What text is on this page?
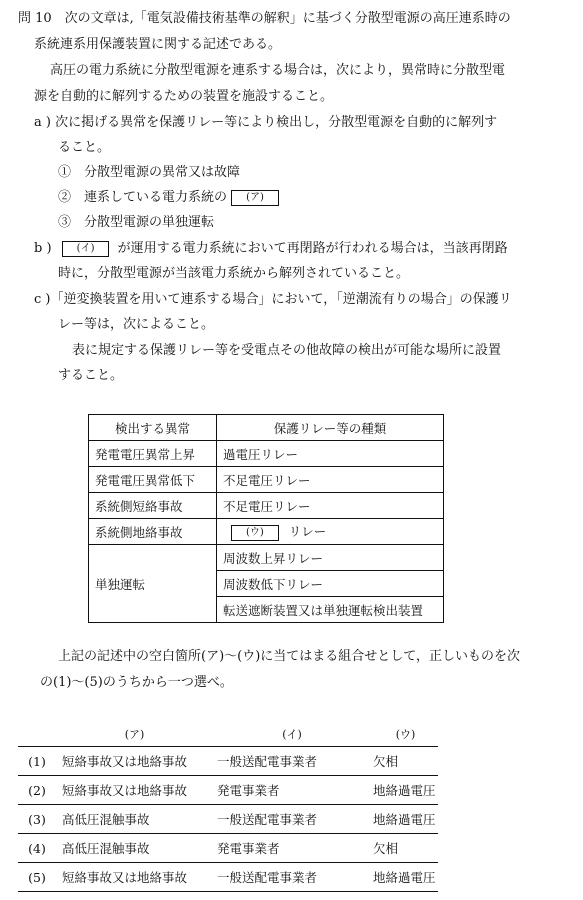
問 10　次の文章は,「電気設備技術基準の解釈」に基づく分散型電源の高圧連系時の
系統連系用保護装置に関する記述である。
高圧の電力系統に分散型電源を連系する場合は，次により，異常時に分散型電
源を自動的に解列するための装置を施設すること。
a ) 次に掲げる異常を保護リレー等により検出し，分散型電源を自動的に解列す
ること。
①　分散型電源の異常又は故障
②　連系している電力系統の (ア)
③　分散型電源の単独運転
b )	(イ) が運用する電力系統において再閉路が行われる場合は，当該再閉路
時に，分散型電源が当該電力系統から解列されていること。
c )「逆変換装置を用いて連系する場合」において，「逆潮流有りの場合」の保護リ
レー等は，次によること。
表に規定する保護リレー等を受電点その他故障の検出が可能な場所に設置
すること。
検出する異常	保護リレー等の種類
発電電圧異常上昇	過電圧リレー
発電電圧異常低下	不足電圧リレー
系統側短絡事故	不足電圧リレー
系統側地絡事故	(ウ) リレー
単独運転	周波数上昇リレー
	周波数低下リレー
	転送遮断装置又は単独運転検出装置
上記の記述中の空白箇所(ア)～(ウ)に当てはまる組合せとして，正しいものを次
の(1)～(5)のうちから一つ選べ。
	(ア)	(イ)	(ウ)
(1)	短絡事故又は地絡事故	一般送配電事業者	欠相
(2)	短絡事故又は地絡事故	発電事業者	地絡過電圧
(3)	高低圧混触事故	一般送配電事業者	地絡過電圧
(4)	高低圧混触事故	発電事業者	欠相
(5)	短絡事故又は地絡事故	一般送配電事業者	地絡過電圧
